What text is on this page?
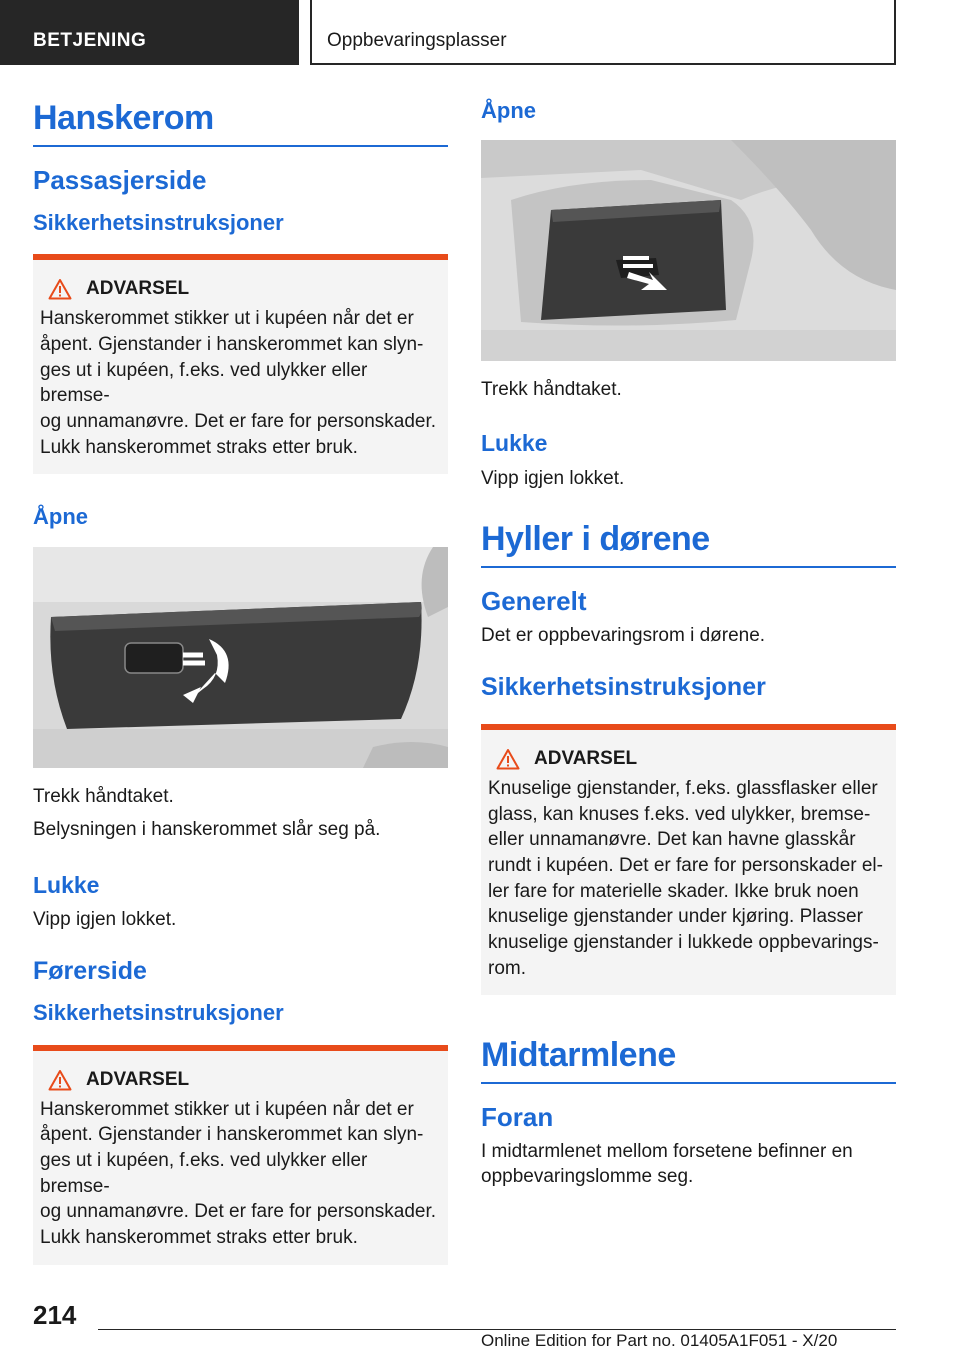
BETJENING	Oppbevaringsplasser
Hanskerom
Passasjerside
Sikkerhetsinstruksjoner
ADVARSEL
Hanskerommet stikker ut i kupéen når det er
åpent. Gjenstander i hanskerommet kan slyn-
ges ut i kupéen, f.eks. ved ulykker eller bremse-
og unnamanøvre. Det er fare for personskader.
Lukk hanskerommet straks etter bruk.
Åpne

Trekk håndtaket.

Belysningen i hanskerommet slår seg på.

Lukke

Vipp igjen lokket.

Førerside
Sikkerhetsinstruksjoner
ADVARSEL
Hanskerommet stikker ut i kupéen når det er
åpent. Gjenstander i hanskerommet kan slyn-
ges ut i kupéen, f.eks. ved ulykker eller bremse-
og unnamanøvre. Det er fare for personskader.
Lukk hanskerommet straks etter bruk.
Åpne

Trekk håndtaket.

Lukke

Vipp igjen lokket.

Hyller i dørene
Generelt

Det er oppbevaringsrom i dørene.

Sikkerhetsinstruksjoner
ADVARSEL
Knuselige gjenstander, f.eks. glassflasker eller
glass, kan knuses f.eks. ved ulykker, bremse-
eller unnamanøvre. Det kan havne glasskår
rundt i kupéen. Det er fare for personskader el-
ler fare for materielle skader. Ikke bruk noen
knuselige gjenstander under kjøring. Plasser
knuselige gjenstander i lukkede oppbevarings-
rom.
Midtarmlene
Foran
I midtarmlenet mellom forsetene befinner en
oppbevaringslomme seg.
214
Online Edition for Part no. 01405A1F051 - X/20
